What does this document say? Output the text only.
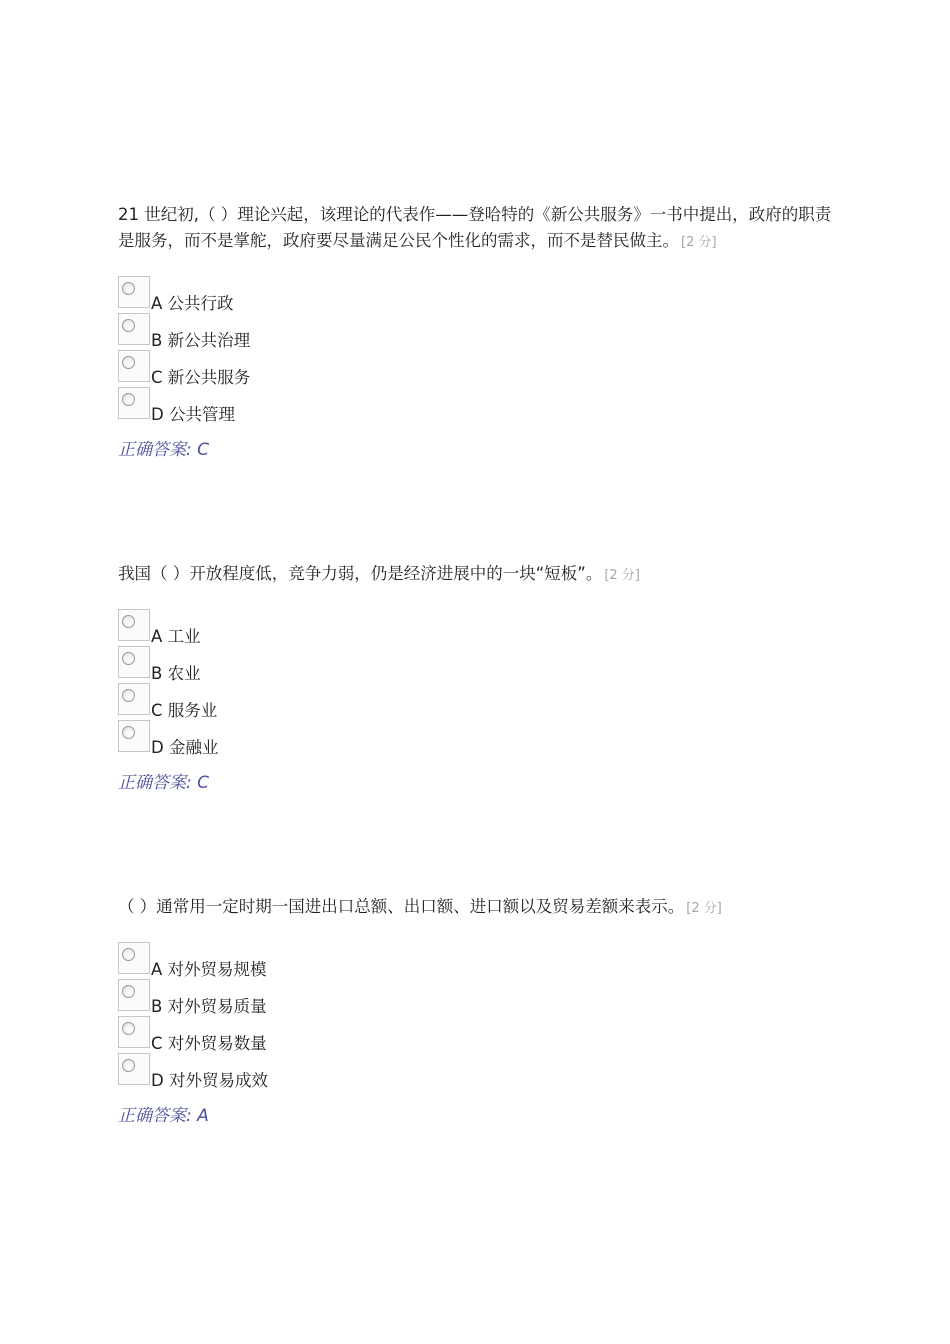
21 世纪初,（ ）理论兴起，该理论的代表作——登哈特的《新公共服务》一书中提出，政府的职责是服务，而不是掌舵，政府要尽量满足公民个性化的需求，而不是替民做主。 [2 分]

A 公共行政
B 新公共治理
C 新公共服务
D 公共管理
正确答案: C

我国（ ）开放程度低，竞争力弱，仍是经济进展中的一块“短板”。 [2 分]

A 工业
B 农业
C 服务业
D 金融业
正确答案: C

（ ）通常用一定时期一国进出口总额、出口额、进口额以及贸易差额来表示。 [2 分]

A 对外贸易规模
B 对外贸易质量
C 对外贸易数量
D 对外贸易成效
正确答案: A
